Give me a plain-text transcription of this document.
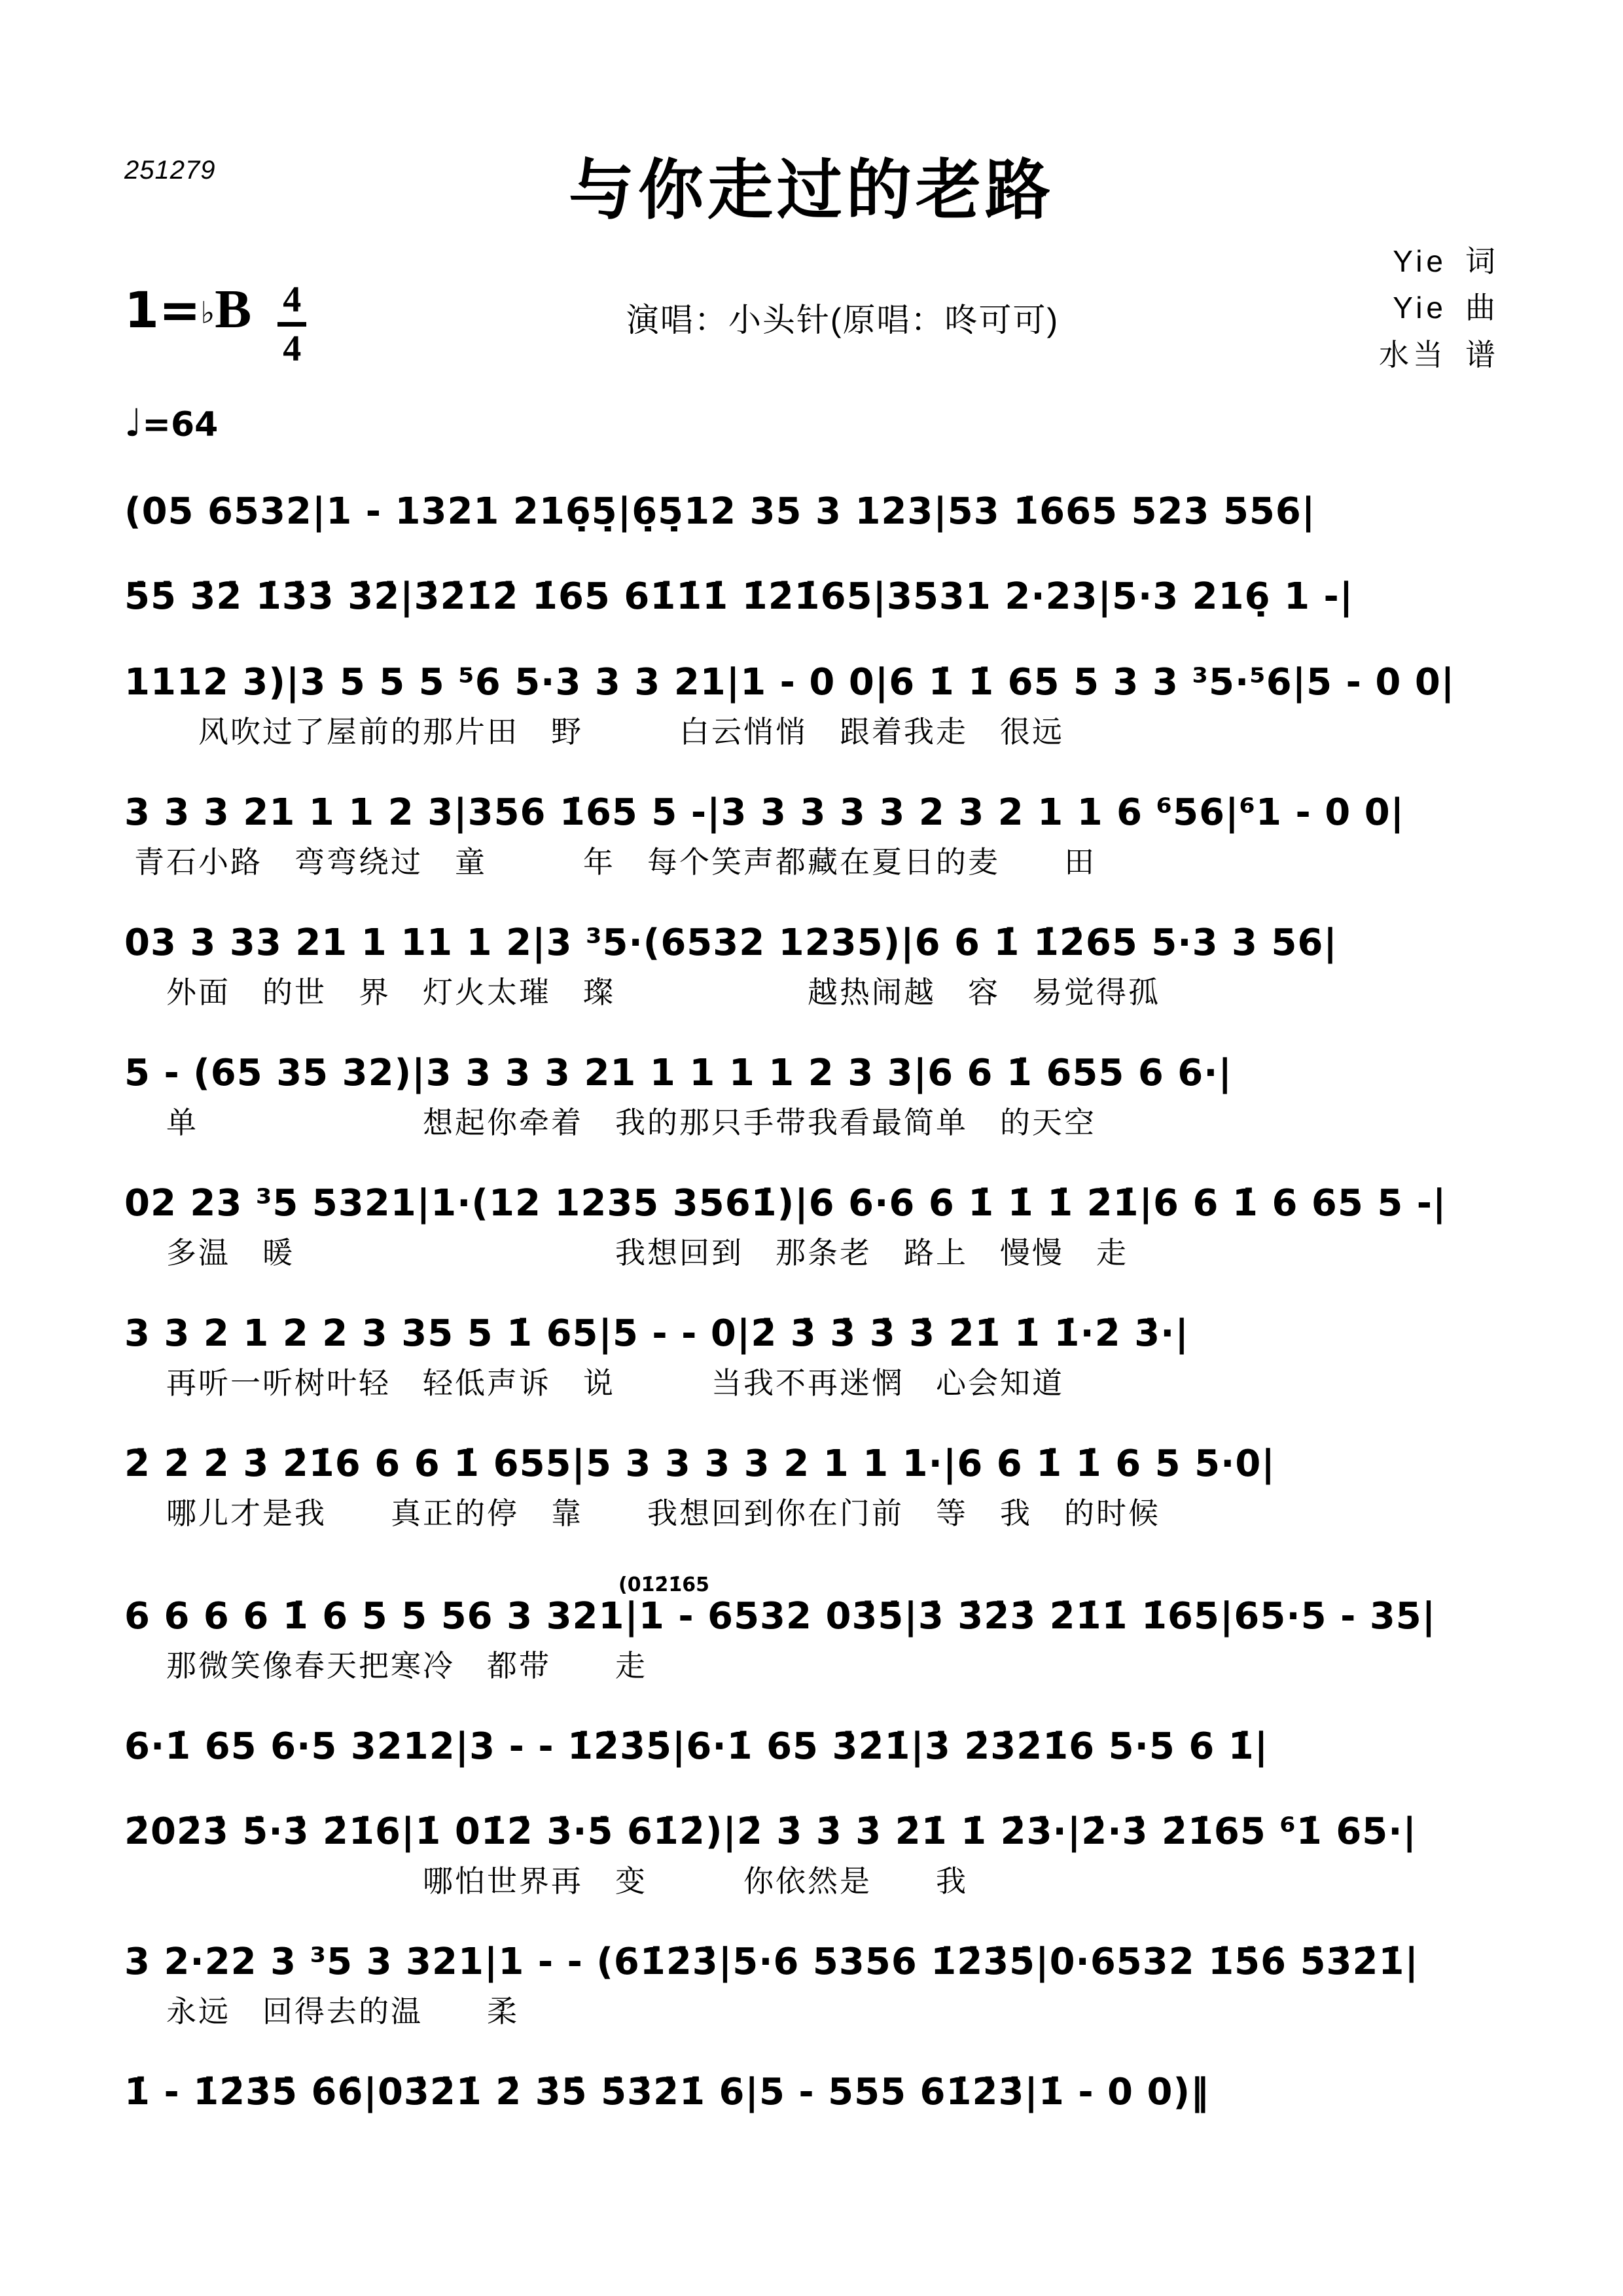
251279	与你走过的老路
1=♭B $\frac{4}{4}$	演唱：小头针(原唱：咚可可)
Yie 词
Yie 曲
水当 谱
♩=64
(05 6532|1 - 1321 216̣5̣|6̣5̣12 35 3 123|53 1̇665 523 556|
5̇5̇ 3̇2̇ 1̇3̇3̇ 3̇2̇|3̇2̇1̇2̇ 1̇65 61̇1̇1̇ 1̇2̇1̇65|3531 2·23|5·3 216̣ 1 -|
1112 3)|3 5 5 5 ⁵6 5·3 3 3 21|1 - 0 0|6 1̇ 1̇ 65 5 3 3 ³5·⁵6|5 - 0 0|
　　风吹过了屋前的那片田　野　　　白云悄悄　跟着我走　很远
3 3 3 21 1 1 2 3|356 1̇65 5 -|3 3 3 3 3 2 3 2 1 1 6 ⁶56|⁶1 - 0 0|
青石小路　弯弯绕过　童　　　年　每个笑声都藏在夏日的麦　　田
03 3 33 21 1 11 1 2|3 ³5·(6532 1235)|6 6 1̇ 1̇2̇65 5·3 3 56|
　外面　的世　界　灯火太璀　璨　　　　　　越热闹越　容　易觉得孤
5 - (65 35 32)|3 3 3 3 21 1 1 1 1 2 3 3|6 6 1̇ 655 6 6·|
　单　　　　　　　想起你牵着　我的那只手带我看最简单　的天空
02 23 ³5 5321|1·(12 1235 3561̇)|6 6·6 6 1̇ 1̇ 1̇ 2̇1̇|6 6 1̇ 6 65 5 -|
　多温　暖　　　　　　　　　　我想回到　那条老　路上　慢慢　走
3 3 2 1 2 2 3 35 5 1̇ 65|5 - - 0|2̇ 3̇ 3̇ 3̇ 3̇ 2̇1̇ 1̇ 1̇·2̇ 3̇·|
　再听一听树叶轻　轻低声诉　说　　　当我不再迷惘　心会知道
2̇ 2̇ 2̇ 3̇ 2̇1̇6 6 6 1̇ 655|5 3 3 3 3 2 1 1 1·|6 6 1̇ 1̇ 6 5 5·0|
　哪儿才是我　　真正的停　靠　　我想回到你在门前　等　我　的时候
(01̇2̇1̇65
6 6 6 6 1̇ 6 5 5 56 3 321|1 - 6532 03̇5̇|3̇ 3̇2̇3̇ 2̇1̇1̇ 1̇65|65·5 - 35|
　那微笑像春天把寒冷　都带　　走
6·1̇ 65 6·5 3212|3 - - 1̇2̇3̇5̇|6·1̇ 65 3̇2̇1̇|3̇ 2̇3̇2̇1̇6 5·5 6 1̇|
2̇02̇3̇ 5̇·3̇ 2̇1̇6|1̇ 01̇2̇ 3̇·5̇ 61̇2̇)|2̇ 3̇ 3̇ 3̇ 2̇1̇ 1̇ 2̇3̇·|2̇·3̇ 2̇1̇65 ⁶1̇ 65·|
　　　　　　　　　哪怕世界再　变　　　你依然是　　我
3 2·22 3 ³5 3 321|1 - - (61̇2̇3̇|5·6 5356 1̇2̇3̇5̇|0·6532 1̇5̇6̇ 5̇3̇2̇1̇|
　永远　回得去的温　　柔
1̇ - 1̇2̇3̇5̇ 6̇6̇|03̇2̇1̇ 2̇ 3̇5̇ 5̇3̇2̇1̇ 6|5 - 555 61̇2̇3̇|1̇ - 0 0)‖
